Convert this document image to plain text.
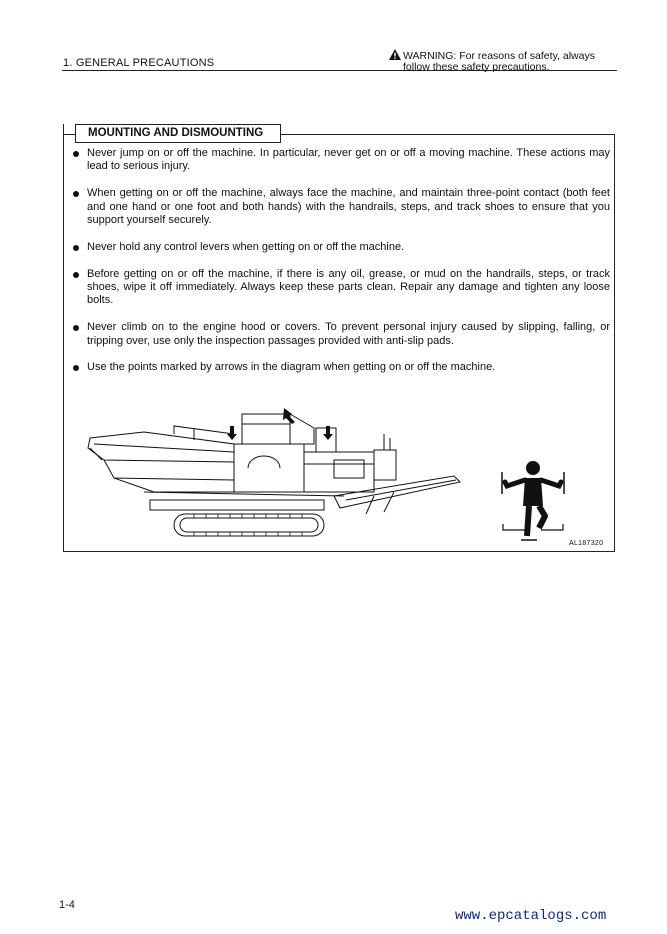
1. GENERAL PRECAUTIONS
WARNING: For reasons of safety, always
follow these safety precautions.
MOUNTING AND DISMOUNTING
Never jump on or off the machine. In particular, never get on or off a moving machine. These actions may lead to serious injury.
When getting on or off the machine, always face the machine, and maintain three-point contact (both feet and one hand or one foot and both hands) with the handrails, steps, and track shoes to ensure that you support yourself securely.
Never hold any control levers when getting on or off the machine.
Before getting on or off the machine, if there is any oil, grease, or mud on the handrails, steps, or track shoes, wipe it off immediately. Always keep these parts clean. Repair any damage and tighten any loose bolts.
Never climb on to the engine hood or covers. To prevent personal injury caused by slipping, falling, or tripping over, use only the inspection passages provided with anti-slip pads.
Use the points marked by arrows in the diagram when getting on or off the machine.
AL187320
1-4
www.epcatalogs.com
